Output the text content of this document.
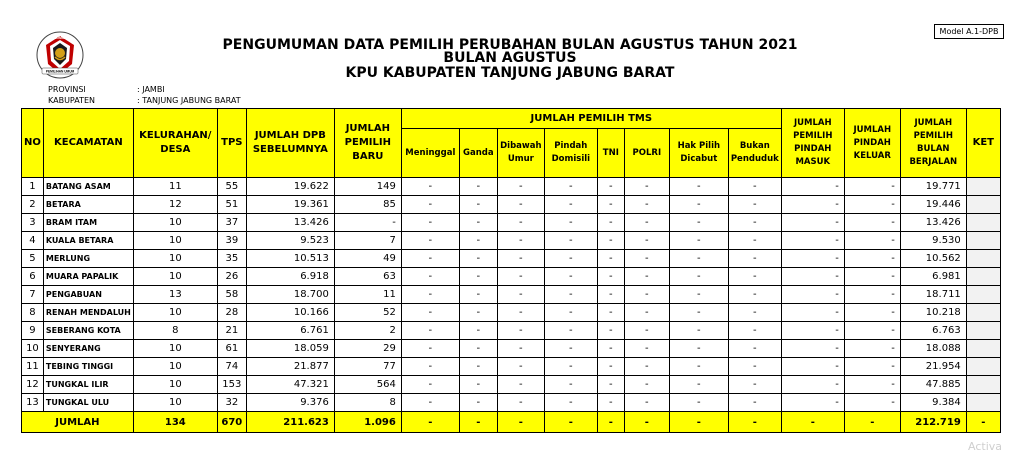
KOMISI
PEMILIHAN UMUM
Model A.1-DPB
PENGUMUMAN DATA PEMILIH PERUBAHAN BULAN AGUSTUS TAHUN 2021
BULAN AGUSTUS
KPU KABUPATEN TANJUNG JABUNG BARAT
PROVINSI	: JAMBI
KABUPATEN	: TANJUNG JABUNG BARAT
NO	KECAMATAN	KELURAHAN/ DESA	TPS	JUMLAH DPB SEBELUMNYA	JUMLAH PEMILIH BARU	JUMLAH PEMILIH TMS								JUMLAH PEMILIH PINDAH MASUK	JUMLAH PINDAH KELUAR	JUMLAH PEMILIH BULAN BERJALAN	KET
						Meninggal	Ganda	Dibawah Umur	Pindah Domisili	TNI	POLRI	Hak Pilih Dicabut	Bukan Penduduk				
1	BATANG ASAM	11	55	19.622	149	-	-	-	-	-	-	-	-	-	-	19.771	
2	BETARA	12	51	19.361	85	-	-	-	-	-	-	-	-	-	-	19.446	
3	BRAM ITAM	10	37	13.426	-	-	-	-	-	-	-	-	-	-	-	13.426	
4	KUALA BETARA	10	39	9.523	7	-	-	-	-	-	-	-	-	-	-	9.530	
5	MERLUNG	10	35	10.513	49	-	-	-	-	-	-	-	-	-	-	10.562	
6	MUARA PAPALIK	10	26	6.918	63	-	-	-	-	-	-	-	-	-	-	6.981	
7	PENGABUAN	13	58	18.700	11	-	-	-	-	-	-	-	-	-	-	18.711	
8	RENAH MENDALUH	10	28	10.166	52	-	-	-	-	-	-	-	-	-	-	10.218	
9	SEBERANG KOTA	8	21	6.761	2	-	-	-	-	-	-	-	-	-	-	6.763	
10	SENYERANG	10	61	18.059	29	-	-	-	-	-	-	-	-	-	-	18.088	
11	TEBING TINGGI	10	74	21.877	77	-	-	-	-	-	-	-	-	-	-	21.954	
12	TUNGKAL ILIR	10	153	47.321	564	-	-	-	-	-	-	-	-	-	-	47.885	
13	TUNGKAL ULU	10	32	9.376	8	-	-	-	-	-	-	-	-	-	-	9.384	
JUMLAH		134	670	211.623	1.096	-	-	-	-	-	-	-	-	-	-	212.719	-
Activa
